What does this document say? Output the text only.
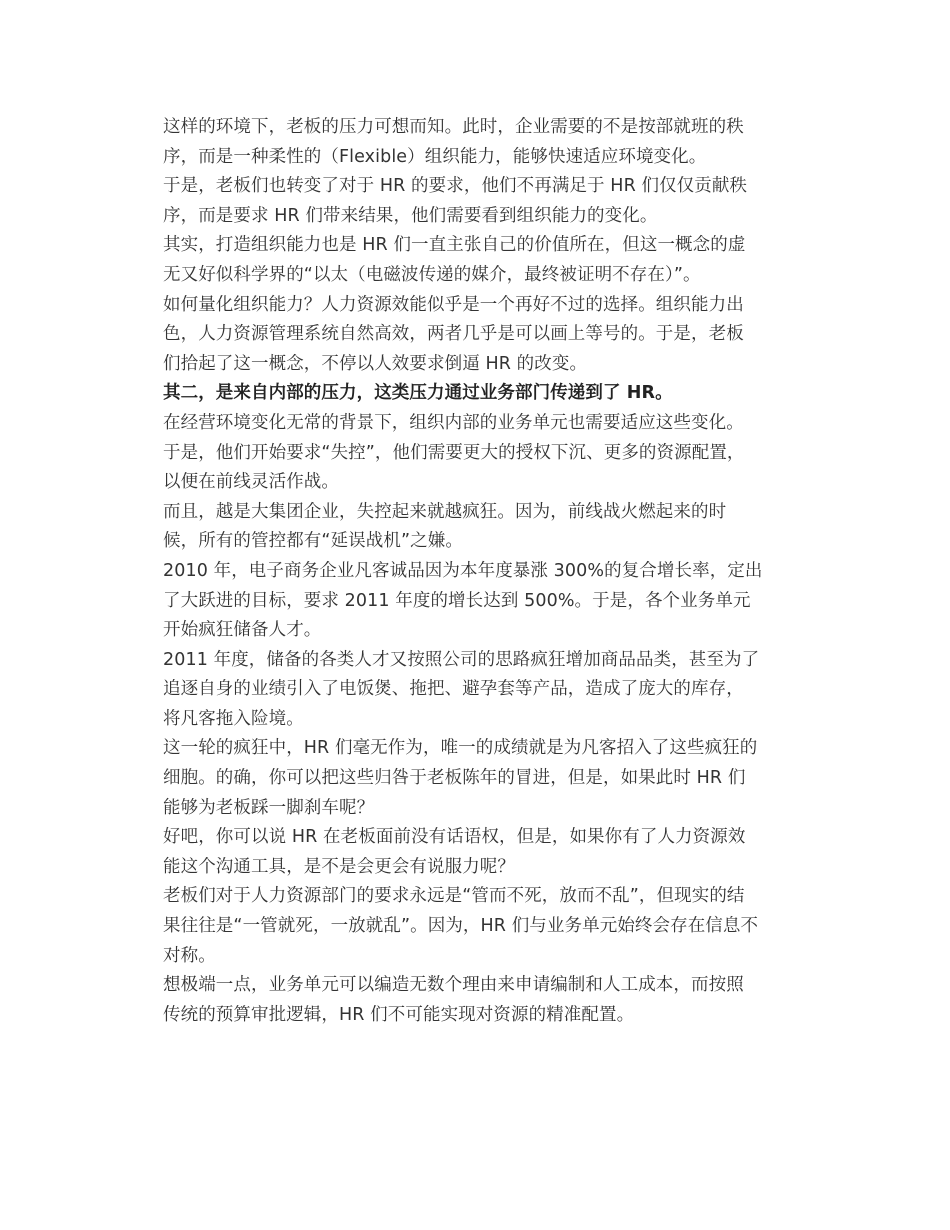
这样的环境下，老板的压力可想而知。此时，企业需要的不是按部就班的秩
序，而是一种柔性的（Flexible）组织能力，能够快速适应环境变化。

于是，老板们也转变了对于 HR 的要求，他们不再满足于 HR 们仅仅贡献秩
序，而是要求 HR 们带来结果，他们需要看到组织能力的变化。

其实，打造组织能力也是 HR 们一直主张自己的价值所在，但这一概念的虚
无又好似科学界的“以太（电磁波传递的媒介，最终被证明不存在）”。

如何量化组织能力？人力资源效能似乎是一个再好不过的选择。组织能力出
色，人力资源管理系统自然高效，两者几乎是可以画上等号的。于是，老板
们拾起了这一概念，不停以人效要求倒逼 HR 的改变。

其二，是来自内部的压力，这类压力通过业务部门传递到了 HR。

在经营环境变化无常的背景下，组织内部的业务单元也需要适应这些变化。
于是，他们开始要求“失控”，他们需要更大的授权下沉、更多的资源配置，
以便在前线灵活作战。

而且，越是大集团企业，失控起来就越疯狂。因为，前线战火燃起来的时
候，所有的管控都有“延误战机”之嫌。

2010 年，电子商务企业凡客诚品因为本年度暴涨 300%的复合增长率，定出
了大跃进的目标，要求 2011 年度的增长达到 500%。于是，各个业务单元
开始疯狂储备人才。

2011 年度，储备的各类人才又按照公司的思路疯狂增加商品品类，甚至为了
追逐自身的业绩引入了电饭煲、拖把、避孕套等产品，造成了庞大的库存，
将凡客拖入险境。

这一轮的疯狂中，HR 们毫无作为，唯一的成绩就是为凡客招入了这些疯狂的
细胞。的确，你可以把这些归咎于老板陈年的冒进，但是，如果此时 HR 们
能够为老板踩一脚刹车呢？

好吧，你可以说 HR 在老板面前没有话语权，但是，如果你有了人力资源效
能这个沟通工具，是不是会更会有说服力呢？

老板们对于人力资源部门的要求永远是“管而不死，放而不乱”，但现实的结
果往往是“一管就死，一放就乱”。因为，HR 们与业务单元始终会存在信息不
对称。

想极端一点，业务单元可以编造无数个理由来申请编制和人工成本，而按照
传统的预算审批逻辑，HR 们不可能实现对资源的精准配置。
